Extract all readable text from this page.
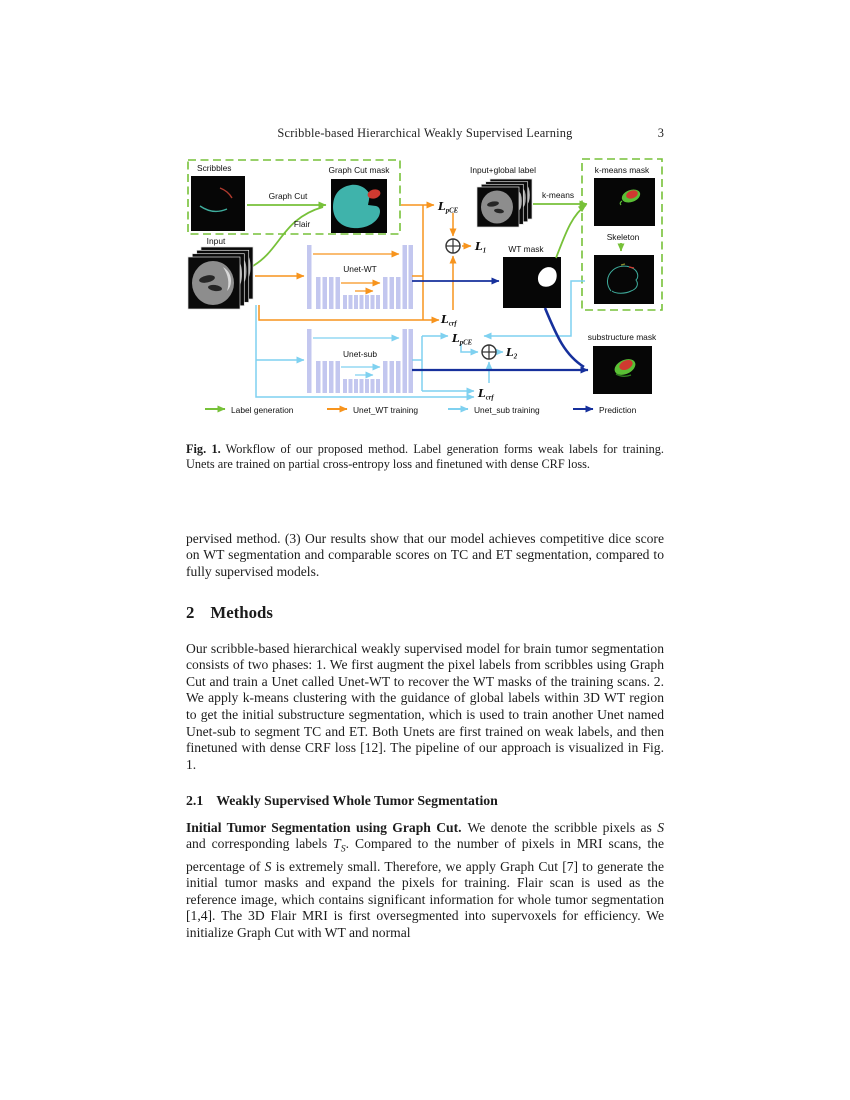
Scribble-based Hierarchical Weakly Supervised Learning	3
Scribbles	Graph Cut mask
Graph Cut
Flair
Input
Unet-WT
$L_{pCE}$
$L_1$
$L_{crf}$
WT mask
Input+global label
k-means
k-means mask
Skeleton
Unet-sub
$L_{pCE}$
$L_2$
$L_{crf}$
substructure mask
Label generation	Unet_WT training	Unet_sub training	Prediction
Fig. 1. Workflow of our proposed method. Label generation forms weak labels for training. Unets are trained on partial cross-entropy loss and finetuned with dense CRF loss.

pervised method. (3) Our results show that our model achieves competitive dice score on WT segmentation and comparable scores on TC and ET segmentation, compared to fully supervised models.

2 Methods

Our scribble-based hierarchical weakly supervised model for brain tumor segmentation consists of two phases: 1. We first augment the pixel labels from scribbles using Graph Cut and train a Unet called Unet-WT to recover the WT masks of the training scans. 2. We apply k-means clustering with the guidance of global labels within 3D WT region to get the initial substructure segmentation, which is used to train another Unet named Unet-sub to segment TC and ET. Both Unets are first trained on weak labels, and then finetuned with dense CRF loss [12]. The pipeline of our approach is visualized in Fig. 1.

2.1 Weakly Supervised Whole Tumor Segmentation

Initial Tumor Segmentation using Graph Cut. We denote the scribble pixels as S and corresponding labels $T_S$. Compared to the number of pixels in MRI scans, the percentage of S is extremely small. Therefore, we apply Graph Cut [7] to generate the initial tumor masks and expand the pixels for training. Flair scan is used as the reference image, which contains significant information for whole tumor segmentation [1,4]. The 3D Flair MRI is first oversegmented into supervoxels for efficiency. We initialize Graph Cut with WT and normal
